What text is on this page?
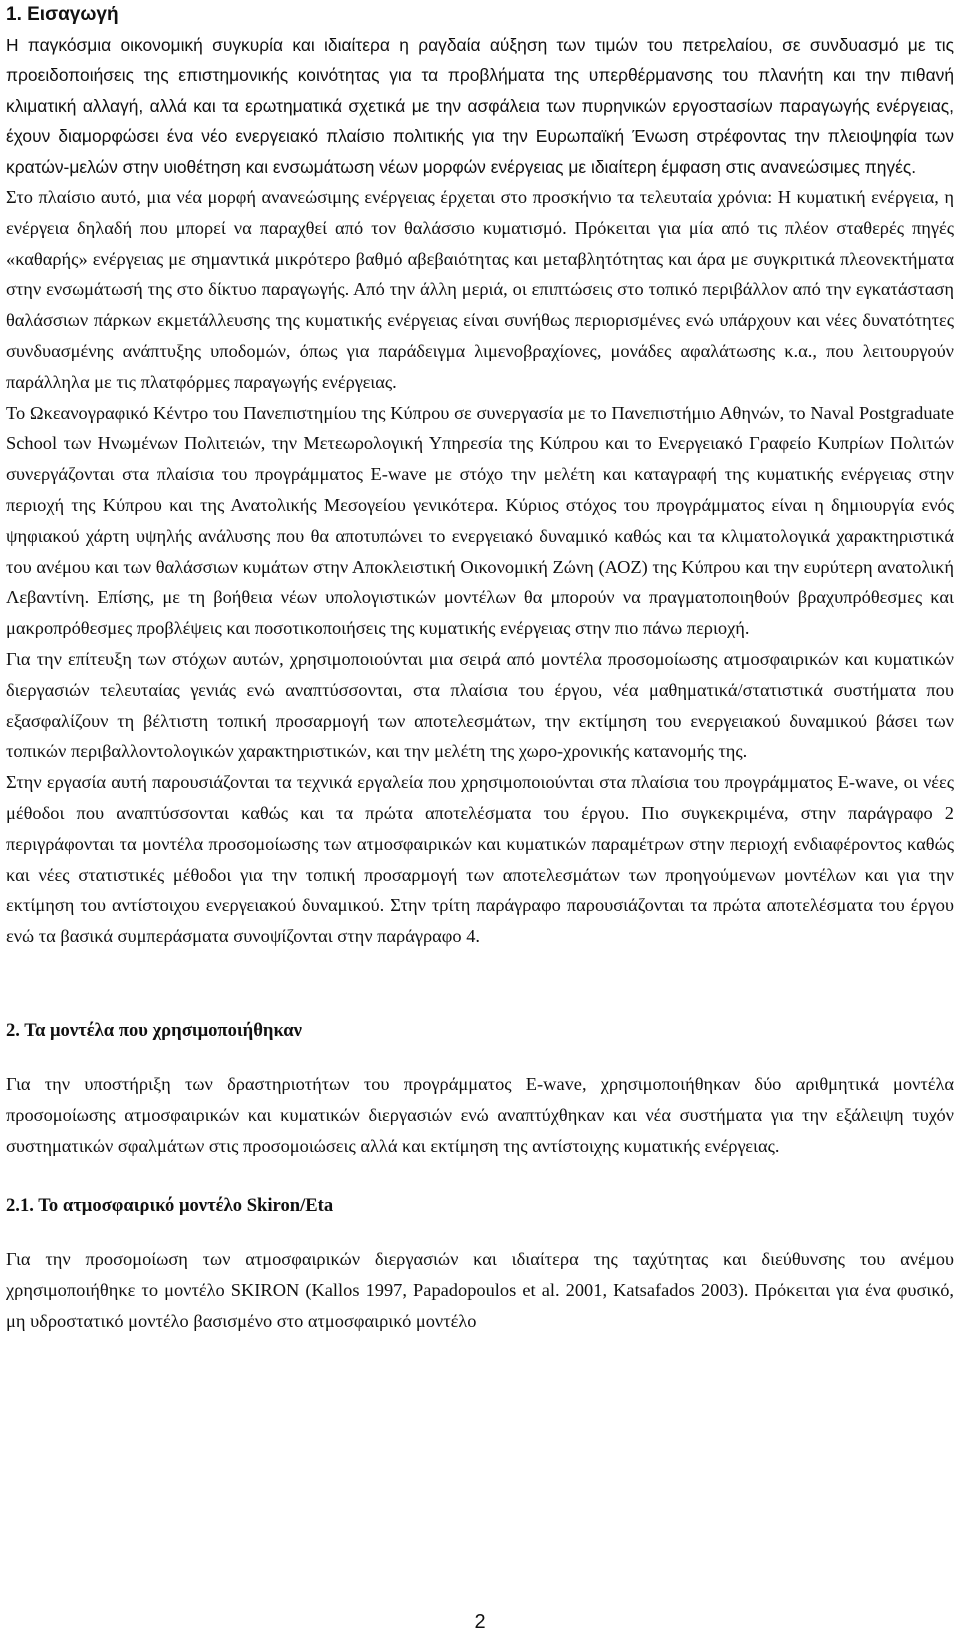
1. Εισαγωγή

Η παγκόσμια οικονομική συγκυρία και ιδιαίτερα η ραγδαία αύξηση των τιμών του πετρελαίου, σε συνδυασμό με τις προειδοποιήσεις της επιστημονικής κοινότητας για τα προβλήματα της υπερθέρμανσης του πλανήτη και την πιθανή κλιματική αλλαγή, αλλά και τα ερωτηματικά σχετικά με την ασφάλεια των πυρηνικών εργοστασίων παραγωγής ενέργειας, έχουν διαμορφώσει ένα νέο ενεργειακό πλαίσιο πολιτικής για την Ευρωπαϊκή Ένωση στρέφοντας την πλειοψηφία των κρατών-μελών στην υιοθέτηση και ενσωμάτωση νέων μορφών ενέργειας με ιδιαίτερη έμφαση στις ανανεώσιμες πηγές.

Στο πλαίσιο αυτό, μια νέα μορφή ανανεώσιμης ενέργειας έρχεται στο προσκήνιο τα τελευταία χρόνια: Η κυματική ενέργεια, η ενέργεια δηλαδή που μπορεί να παραχθεί από τον θαλάσσιο κυματισμό. Πρόκειται για μία από τις πλέον σταθερές πηγές «καθαρής» ενέργειας με σημαντικά μικρότερο βαθμό αβεβαιότητας και μεταβλητότητας και άρα με συγκριτικά πλεονεκτήματα στην ενσωμάτωσή της στο δίκτυο παραγωγής. Από την άλλη μεριά, οι επιπτώσεις στο τοπικό περιβάλλον από την εγκατάσταση θαλάσσιων πάρκων εκμετάλλευσης της κυματικής ενέργειας είναι συνήθως περιορισμένες ενώ υπάρχουν και νέες δυνατότητες συνδυασμένης ανάπτυξης υποδομών, όπως για παράδειγμα λιμενοβραχίονες, μονάδες αφαλάτωσης κ.α., που λειτουργούν παράλληλα με τις πλατφόρμες παραγωγής ενέργειας.

Το Ωκεανογραφικό Κέντρο του Πανεπιστημίου της Κύπρου σε συνεργασία με το Πανεπιστήμιο Αθηνών, το Naval Postgraduate School των Ηνωμένων Πολιτειών, την Μετεωρολογική Υπηρεσία της Κύπρου και το Ενεργειακό Γραφείο Κυπρίων Πολιτών συνεργάζονται στα πλαίσια του προγράμματος E-wave με στόχο την μελέτη και καταγραφή της κυματικής ενέργειας στην περιοχή της Κύπρου και της Ανατολικής Μεσογείου γενικότερα. Κύριος στόχος του προγράμματος είναι η δημιουργία ενός ψηφιακού χάρτη υψηλής ανάλυσης που θα αποτυπώνει το ενεργειακό δυναμικό καθώς και τα κλιματολογικά χαρακτηριστικά του ανέμου και των θαλάσσιων κυμάτων στην Αποκλειστική Οικονομική Ζώνη (ΑΟΖ) της Κύπρου και την ευρύτερη ανατολική Λεβαντίνη. Επίσης, με τη βοήθεια νέων υπολογιστικών μοντέλων θα μπορούν να πραγματοποιηθούν βραχυπρόθεσμες και μακροπρόθεσμες προβλέψεις και ποσοτικοποιήσεις της κυματικής ενέργειας στην πιο πάνω περιοχή.

Για την επίτευξη των στόχων αυτών, χρησιμοποιούνται μια σειρά από μοντέλα προσομοίωσης ατμοσφαιρικών και κυματικών διεργασιών τελευταίας γενιάς ενώ αναπτύσσονται, στα πλαίσια του έργου, νέα μαθηματικά/στατιστικά συστήματα που εξασφαλίζουν τη βέλτιστη τοπική προσαρμογή των αποτελεσμάτων, την εκτίμηση του ενεργειακού δυναμικού βάσει των τοπικών περιβαλλοντολογικών χαρακτηριστικών, και την μελέτη της χωρο-χρονικής κατανομής της.

Στην εργασία αυτή παρουσιάζονται τα τεχνικά εργαλεία που χρησιμοποιούνται στα πλαίσια του προγράμματος E-wave, οι νέες μέθοδοι που αναπτύσσονται καθώς και τα πρώτα αποτελέσματα του έργου. Πιο συγκεκριμένα, στην παράγραφο 2 περιγράφονται τα μοντέλα προσομοίωσης των ατμοσφαιρικών και κυματικών παραμέτρων στην περιοχή ενδιαφέροντος καθώς και νέες στατιστικές μέθοδοι για την τοπική προσαρμογή των αποτελεσμάτων των προηγούμενων μοντέλων και για την εκτίμηση του αντίστοιχου ενεργειακού δυναμικού. Στην τρίτη παράγραφο παρουσιάζονται τα πρώτα αποτελέσματα του έργου ενώ τα βασικά συμπεράσματα συνοψίζονται στην παράγραφο 4.

2. Τα μοντέλα που χρησιμοποιήθηκαν

Για την υποστήριξη των δραστηριοτήτων του προγράμματος E-wave, χρησιμοποιήθηκαν δύο αριθμητικά μοντέλα προσομοίωσης ατμοσφαιρικών και κυματικών διεργασιών ενώ αναπτύχθηκαν και νέα συστήματα για την εξάλειψη τυχόν συστηματικών σφαλμάτων στις προσομοιώσεις αλλά και εκτίμηση της αντίστοιχης κυματικής ενέργειας.

2.1. Το ατμοσφαιρικό μοντέλο Skiron/Eta

Για την προσομοίωση των ατμοσφαιρικών διεργασιών και ιδιαίτερα της ταχύτητας και διεύθυνσης του ανέμου χρησιμοποιήθηκε το μοντέλο SKIRON (Kallos 1997, Papadopoulos et al. 2001, Katsafados 2003). Πρόκειται για ένα φυσικό, μη υδροστατικό μοντέλο βασισμένο στο ατμοσφαιρικό μοντέλο

2
